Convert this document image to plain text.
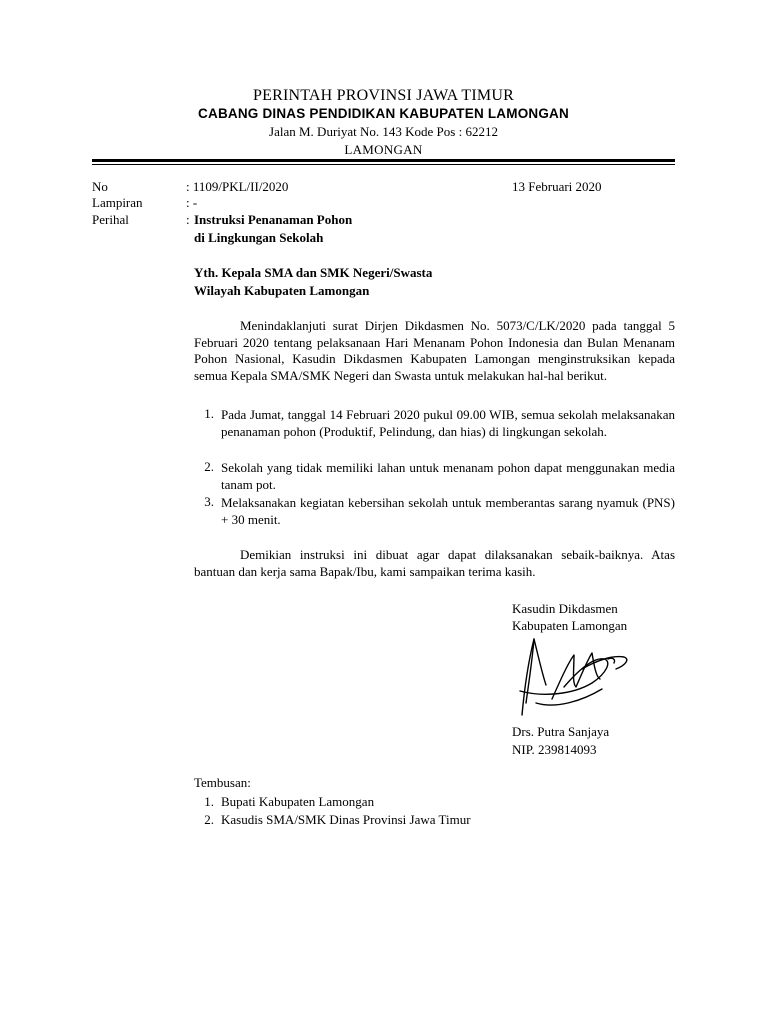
PERINTAH PROVINSI JAWA TIMUR
CABANG DINAS PENDIDIKAN KABUPATEN LAMONGAN
Jalan M. Duriyat No. 143 Kode Pos : 62212
LAMONGAN
No	: 1109/PKL/II/2020	13 Februari 2020
Lampiran	: -
Perihal	: Instruksi Penanaman Pohon
di Lingkungan Sekolah
Yth. Kepala SMA dan SMK Negeri/Swasta
Wilayah Kabupaten Lamongan
Menindaklanjuti surat Dirjen Dikdasmen No. 5073/C/LK/2020 pada tanggal 5 Februari 2020 tentang pelaksanaan Hari Menanam Pohon Indonesia dan Bulan Menanam Pohon Nasional, Kasudin Dikdasmen Kabupaten Lamongan menginstruksikan kepada semua Kepala SMA/SMK Negeri dan Swasta untuk melakukan hal-hal berikut.
1. Pada Jumat, tanggal 14 Februari 2020 pukul 09.00 WIB, semua sekolah melaksanakan penanaman pohon (Produktif, Pelindung, dan hias) di lingkungan sekolah.
2. Sekolah yang tidak memiliki lahan untuk menanam pohon dapat menggunakan media tanam pot.
3. Melaksanakan kegiatan kebersihan sekolah untuk memberantas sarang nyamuk (PNS) + 30 menit.
Demikian instruksi ini dibuat agar dapat dilaksanakan sebaik-baiknya. Atas bantuan dan kerja sama Bapak/Ibu, kami sampaikan terima kasih.
Kasudin Dikdasmen
Kabupaten Lamongan
Drs. Putra Sanjaya
NIP. 239814093
Tembusan:
1. Bupati Kabupaten Lamongan
2. Kasudis SMA/SMK Dinas Provinsi Jawa Timur
